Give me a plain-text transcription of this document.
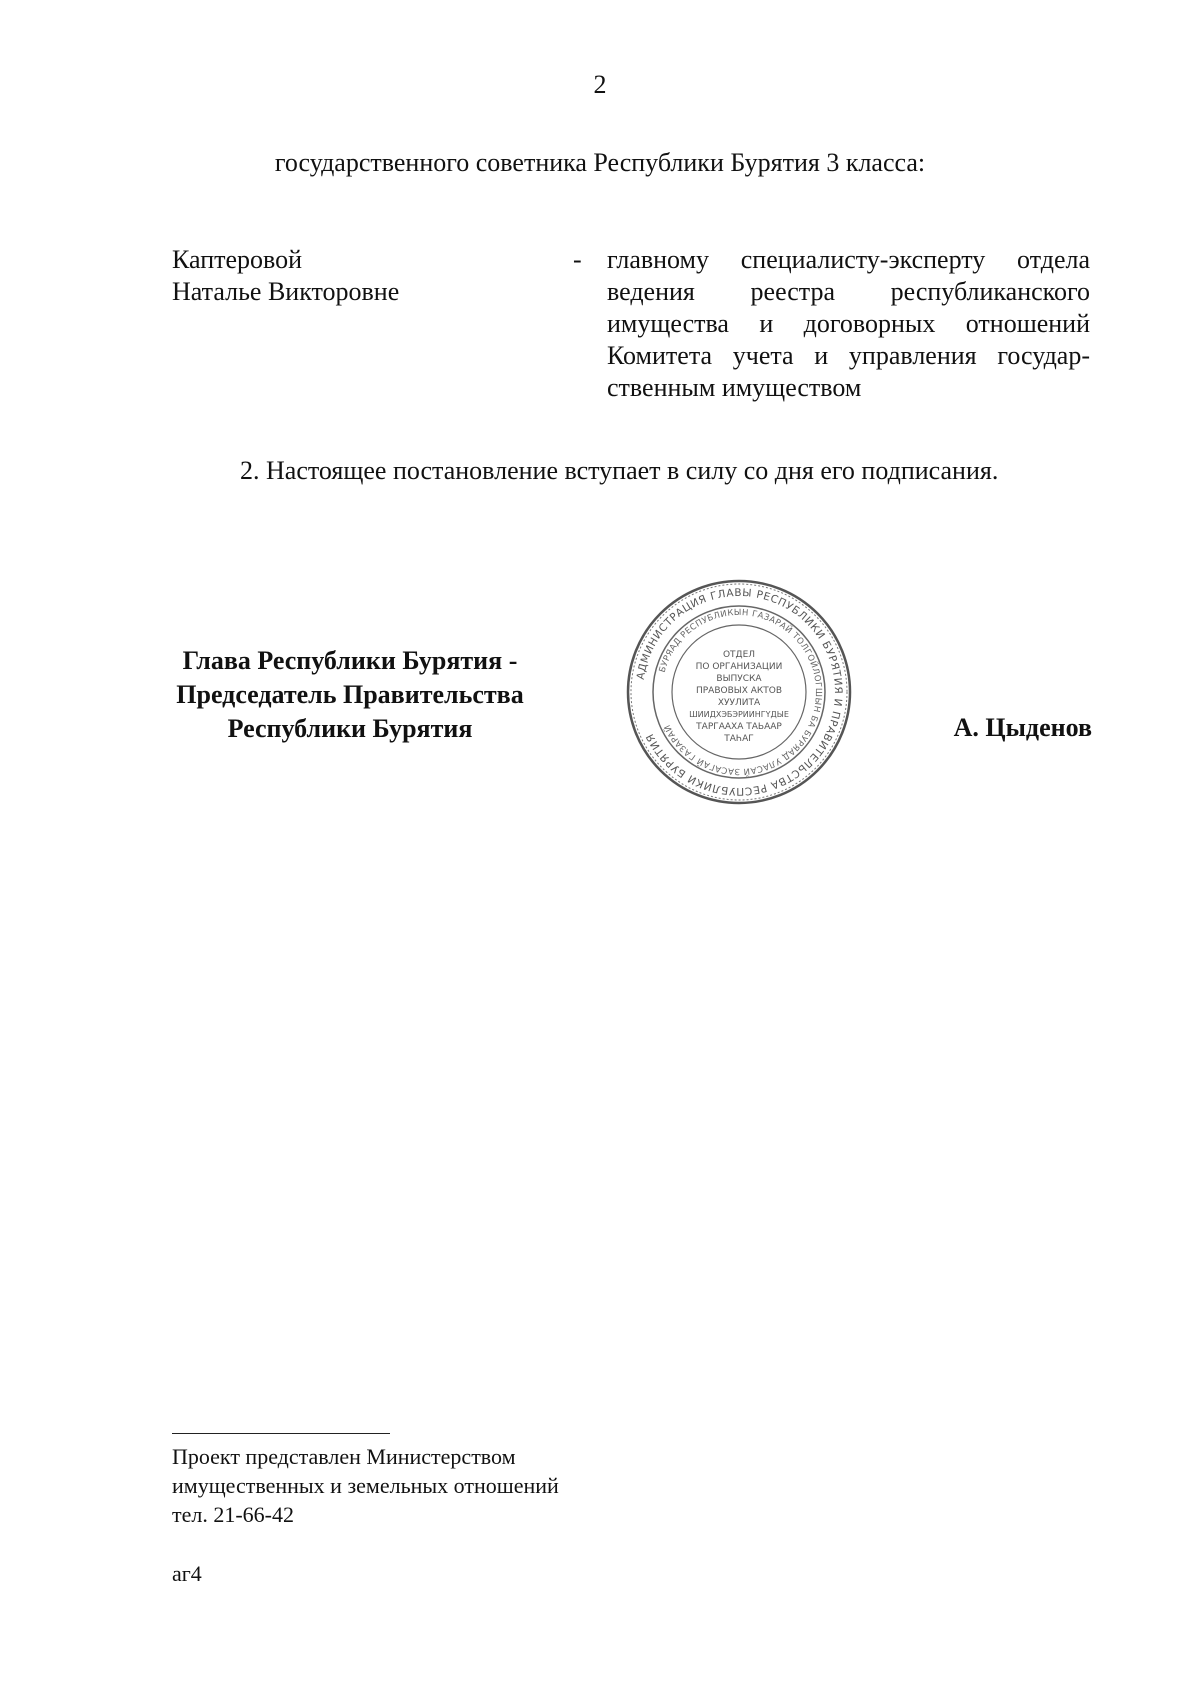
2
государственного советника Республики Бурятия 3 класса:
Каптеровой
Наталье Викторовне
- главному специалисту-эксперту отдела
ведения реестра республиканского
имущества и договорных отношений
Комитета учета и управления государ-
ственным имуществом
2. Настоящее постановление вступает в силу со дня его подписания.
Глава Республики Бурятия -
Председатель Правительства
Республики Бурятия
АДМИНИСТРАЦИЯ ГЛАВЫ РЕСПУБЛИКИ БУРЯТИЯ И ПРАВИТЕЛЬСТВА РЕСПУБЛИКИ БУРЯТИЯ
БУРЯАД РЕСПУБЛИКЫН ГАЗАРАЙ ТОЛГОЙЛОГШЫН БА БУРЯАД УЛАСАЙ ЗАСАГАЙ ГАЗАРАЙ
ОТДЕЛ
ПО ОРГАНИЗАЦИИ
ВЫПУСКА
ПРАВОВЫХ АКТОВ
ХУУЛИТА
ШИИДХЭБЭРИИНГҮДЫЕ
ТАРГААХА ТАЬААР
ТАҺАГ	А. Цыденов
Проект представлен Министерством
имущественных и земельных отношений
тел. 21-66-42
аг4
